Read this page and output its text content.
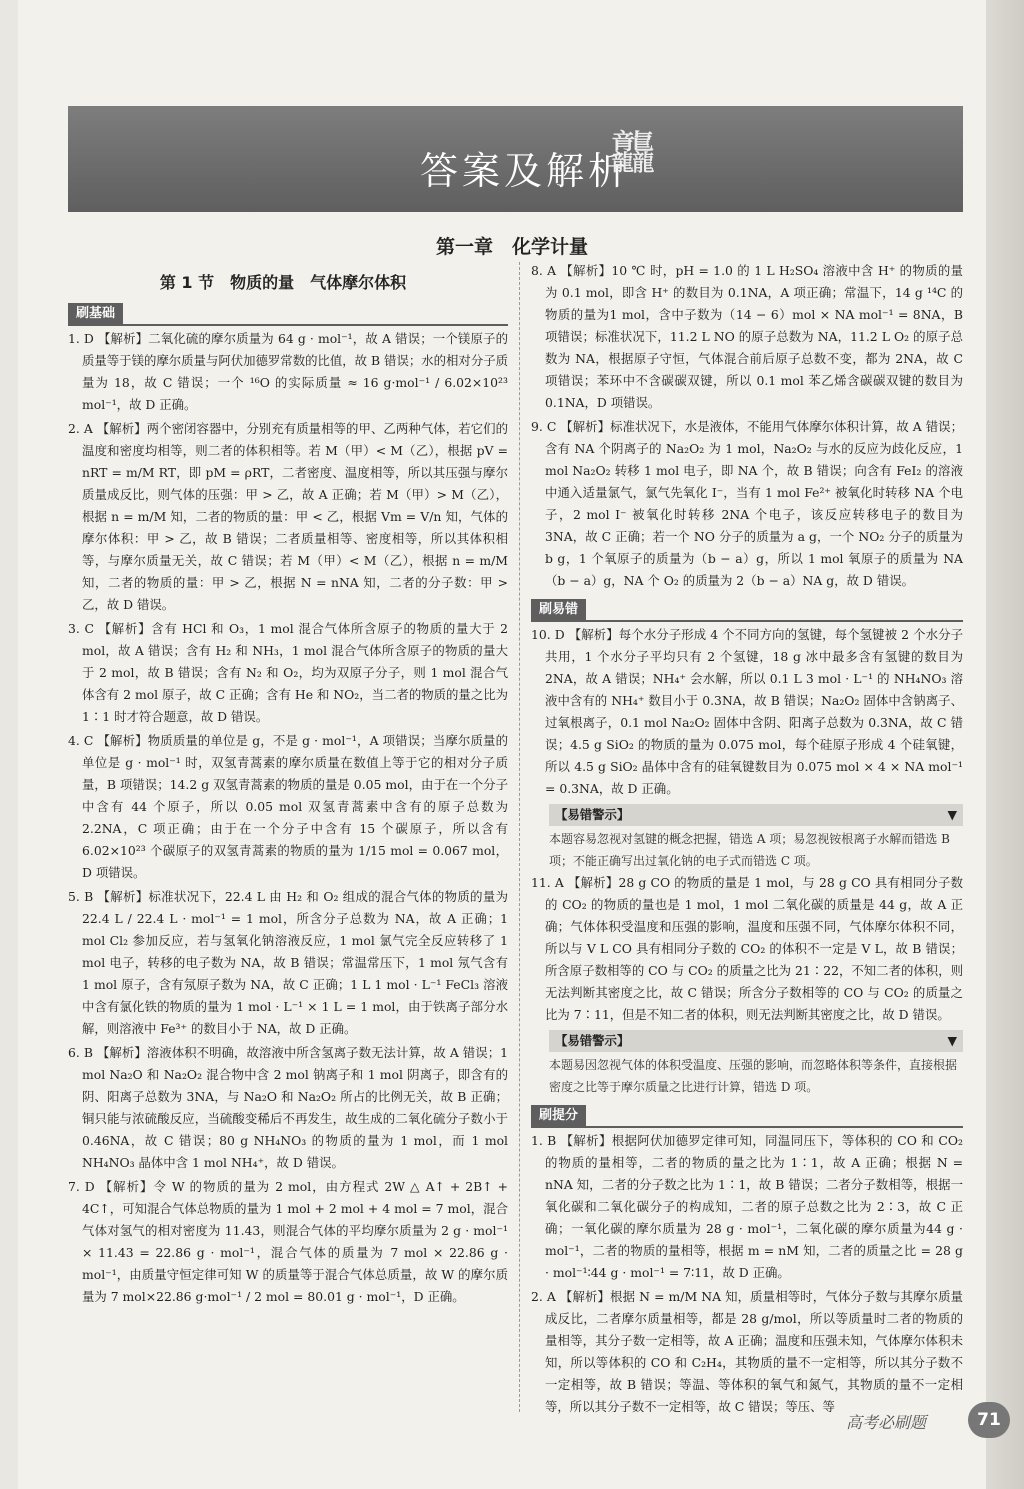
答案及解析
龘
第一章　化学计量
第 1 节　物质的量　气体摩尔体积
刷基础

1. D 【解析】二氧化硫的摩尔质量为 64 g · mol⁻¹，故 A 错误；一个镁原子的质量等于镁的摩尔质量与阿伏加德罗常数的比值，故 B 错误；水的相对分子质量为 18，故 C 错误；一个 ¹⁶O 的实际质量 ≈ 16 g·mol⁻¹ / 6.02×10²³ mol⁻¹，故 D 正确。

2. A 【解析】两个密闭容器中，分别充有质量相等的甲、乙两种气体，若它们的温度和密度均相等，则二者的体积相等。若 M（甲）< M（乙），根据 pV = nRT = m/M RT，即 pM = ρRT，二者密度、温度相等，所以其压强与摩尔质量成反比，则气体的压强：甲 > 乙，故 A 正确；若 M（甲）> M（乙），根据 n = m/M 知，二者的物质的量：甲 < 乙，根据 Vm = V/n 知，气体的摩尔体积：甲 > 乙，故 B 错误；二者质量相等、密度相等，所以其体积相等，与摩尔质量无关，故 C 错误；若 M（甲）< M（乙），根据 n = m/M 知，二者的物质的量：甲 > 乙，根据 N = nNA 知，二者的分子数：甲 > 乙，故 D 错误。

3. C 【解析】含有 HCl 和 O₃，1 mol 混合气体所含原子的物质的量大于 2 mol，故 A 错误；含有 H₂ 和 NH₃，1 mol 混合气体所含原子的物质的量大于 2 mol，故 B 错误；含有 N₂ 和 O₂，均为双原子分子，则 1 mol 混合气体含有 2 mol 原子，故 C 正确；含有 He 和 NO₂，当二者的物质的量之比为 1∶1 时才符合题意，故 D 错误。

4. C 【解析】物质质量的单位是 g，不是 g · mol⁻¹，A 项错误；当摩尔质量的单位是 g · mol⁻¹ 时，双氢青蒿素的摩尔质量在数值上等于它的相对分子质量，B 项错误；14.2 g 双氢青蒿素的物质的量是 0.05 mol，由于在一个分子中含有 44 个原子，所以 0.05 mol 双氢青蒿素中含有的原子总数为 2.2NA，C 项正确；由于在一个分子中含有 15 个碳原子，所以含有 6.02×10²³ 个碳原子的双氢青蒿素的物质的量为 1/15 mol = 0.067 mol，D 项错误。

5. B 【解析】标准状况下，22.4 L 由 H₂ 和 O₂ 组成的混合气体的物质的量为 22.4 L / 22.4 L · mol⁻¹ = 1 mol，所含分子总数为 NA，故 A 正确；1 mol Cl₂ 参加反应，若与氢氧化钠溶液反应，1 mol 氯气完全反应转移了 1 mol 电子，转移的电子数为 NA，故 B 错误；常温常压下，1 mol 氖气含有 1 mol 原子，含有氖原子数为 NA，故 C 正确；1 L 1 mol · L⁻¹ FeCl₃ 溶液中含有氯化铁的物质的量为 1 mol · L⁻¹ × 1 L = 1 mol，由于铁离子部分水解，则溶液中 Fe³⁺ 的数目小于 NA，故 D 正确。

6. B 【解析】溶液体积不明确，故溶液中所含氢离子数无法计算，故 A 错误；1 mol Na₂O 和 Na₂O₂ 混合物中含 2 mol 钠离子和 1 mol 阴离子，即含有的阴、阳离子总数为 3NA，与 Na₂O 和 Na₂O₂ 所占的比例无关，故 B 正确；铜只能与浓硫酸反应，当硫酸变稀后不再发生，故生成的二氧化硫分子数小于 0.46NA，故 C 错误；80 g NH₄NO₃ 的物质的量为 1 mol，而 1 mol NH₄NO₃ 晶体中含 1 mol NH₄⁺，故 D 错误。

7. D 【解析】令 W 的物质的量为 2 mol，由方程式 2W △ A↑ + 2B↑ + 4C↑，可知混合气体总物质的量为 1 mol + 2 mol + 4 mol = 7 mol，混合气体对氢气的相对密度为 11.43，则混合气体的平均摩尔质量为 2 g · mol⁻¹ × 11.43 = 22.86 g · mol⁻¹，混合气体的质量为 7 mol × 22.86 g · mol⁻¹，由质量守恒定律可知 W 的质量等于混合气体总质量，故 W 的摩尔质量为 7 mol×22.86 g·mol⁻¹ / 2 mol = 80.01 g · mol⁻¹，D 正确。

8. A 【解析】10 ℃ 时，pH = 1.0 的 1 L H₂SO₄ 溶液中含 H⁺ 的物质的量为 0.1 mol，即含 H⁺ 的数目为 0.1NA，A 项正确；常温下，14 g ¹⁴C 的物质的量为1 mol，含中子数为（14 − 6）mol × NA mol⁻¹ = 8NA，B 项错误；标准状况下，11.2 L NO 的原子总数为 NA，11.2 L O₂ 的原子总数为 NA，根据原子守恒，气体混合前后原子总数不变，都为 2NA，故 C 项错误；苯环中不含碳碳双键，所以 0.1 mol 苯乙烯含碳碳双键的数目为 0.1NA，D 项错误。

9. C 【解析】标准状况下，水是液体，不能用气体摩尔体积计算，故 A 错误；含有 NA 个阴离子的 Na₂O₂ 为 1 mol，Na₂O₂ 与水的反应为歧化反应，1 mol Na₂O₂ 转移 1 mol 电子，即 NA 个，故 B 错误；向含有 FeI₂ 的溶液中通入适量氯气，氯气先氧化 I⁻，当有 1 mol Fe²⁺ 被氧化时转移 NA 个电子，2 mol I⁻ 被氧化时转移 2NA 个电子，该反应转移电子的数目为 3NA，故 C 正确；若一个 NO 分子的质量为 a g，一个 NO₂ 分子的质量为 b g，1 个氧原子的质量为（b − a）g，所以 1 mol 氧原子的质量为 NA（b − a）g，NA 个 O₂ 的质量为 2（b − a）NA g，故 D 错误。

刷易错

10. D 【解析】每个水分子形成 4 个不同方向的氢键，每个氢键被 2 个水分子共用，1 个水分子平均只有 2 个氢键，18 g 冰中最多含有氢键的数目为 2NA，故 A 错误；NH₄⁺ 会水解，所以 0.1 L 3 mol · L⁻¹ 的 NH₄NO₃ 溶液中含有的 NH₄⁺ 数目小于 0.3NA，故 B 错误；Na₂O₂ 固体中含钠离子、过氧根离子，0.1 mol Na₂O₂ 固体中含阴、阳离子总数为 0.3NA，故 C 错误；4.5 g SiO₂ 的物质的量为 0.075 mol，每个硅原子形成 4 个硅氧键，所以 4.5 g SiO₂ 晶体中含有的硅氧键数目为 0.075 mol × 4 × NA mol⁻¹ = 0.3NA，故 D 正确。

【易错警示】 ▼
本题容易忽视对氢键的概念把握，错选 A 项；易忽视铵根离子水解而错选 B 项；不能正确写出过氧化钠的电子式而错选 C 项。

11. A 【解析】28 g CO 的物质的量是 1 mol，与 28 g CO 具有相同分子数的 CO₂ 的物质的量也是 1 mol，1 mol 二氧化碳的质量是 44 g，故 A 正确；气体体积受温度和压强的影响，温度和压强不同，气体摩尔体积不同，所以与 V L CO 具有相同分子数的 CO₂ 的体积不一定是 V L，故 B 错误；所含原子数相等的 CO 与 CO₂ 的质量之比为 21∶22，不知二者的体积，则无法判断其密度之比，故 C 错误；所含分子数相等的 CO 与 CO₂ 的质量之比为 7∶11，但是不知二者的体积，则无法判断其密度之比，故 D 错误。

【易错警示】 ▼
本题易因忽视气体的体积受温度、压强的影响，而忽略体积等条件，直接根据密度之比等于摩尔质量之比进行计算，错选 D 项。
刷提分

1. B 【解析】根据阿伏加德罗定律可知，同温同压下，等体积的 CO 和 CO₂ 的物质的量相等，二者的物质的量之比为 1∶1，故 A 正确；根据 N = nNA 知，二者的分子数之比为 1∶1，故 B 错误；二者分子数相等，根据一氧化碳和二氧化碳分子的构成知，二者的原子总数之比为 2∶3，故 C 正确；一氧化碳的摩尔质量为 28 g · mol⁻¹，二氧化碳的摩尔质量为44 g · mol⁻¹，二者的物质的量相等，根据 m = nM 知，二者的质量之比 = 28 g · mol⁻¹∶44 g · mol⁻¹ = 7∶11，故 D 正确。

2. A 【解析】根据 N = m/M NA 知，质量相等时，气体分子数与其摩尔质量成反比，二者摩尔质量相等，都是 28 g/mol，所以等质量时二者的物质的量相等，其分子数一定相等，故 A 正确；温度和压强未知，气体摩尔体积未知，所以等体积的 CO 和 C₂H₄，其物质的量不一定相等，所以其分子数不一定相等，故 B 错误；等温、等体积的氧气和氮气，其物质的量不一定相等，所以其分子数不一定相等，故 C 错误；等压、等

高考必刷题	71
